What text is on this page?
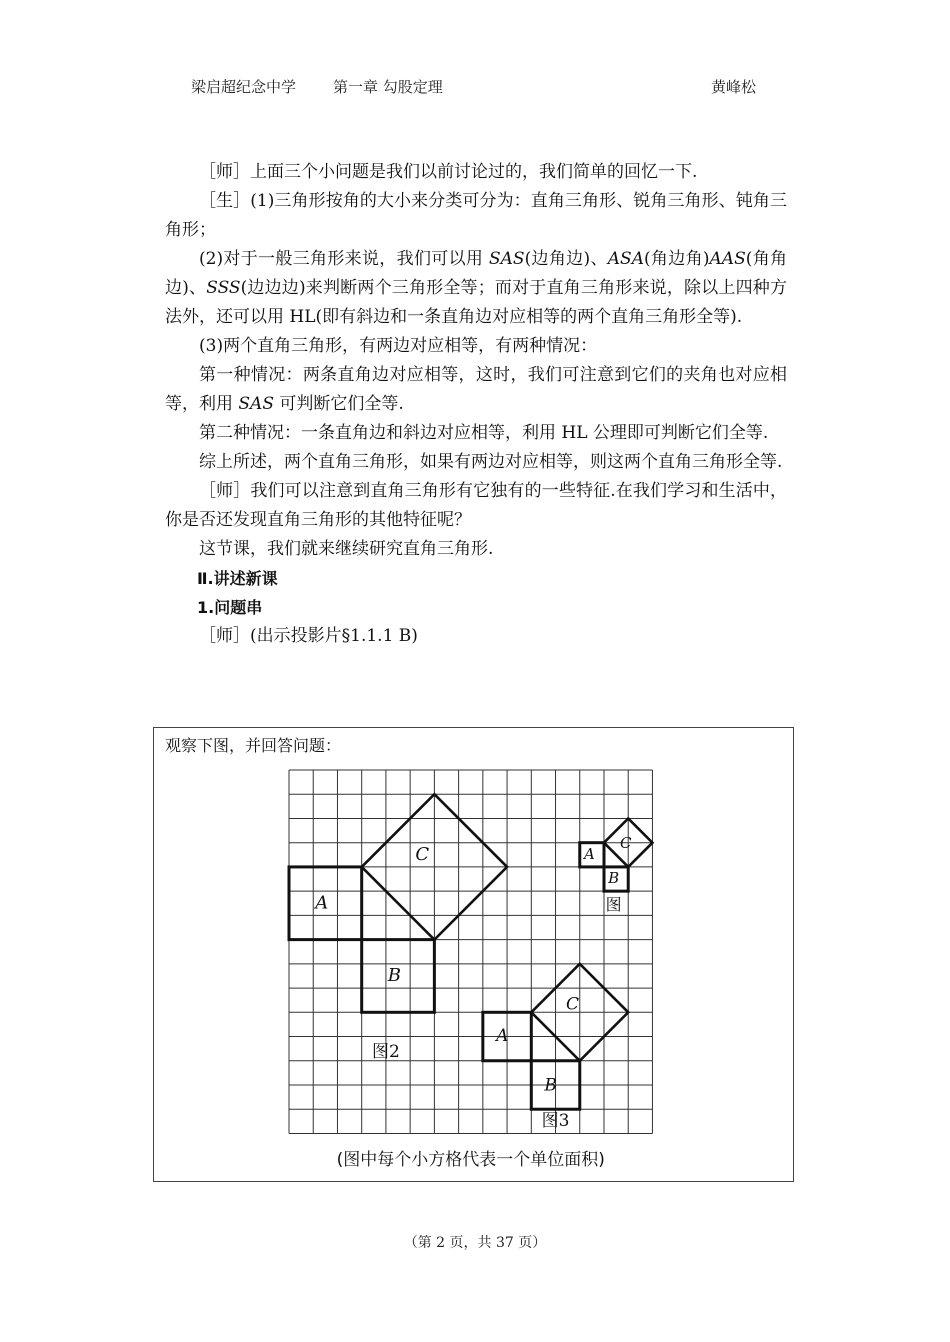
梁启超纪念中学 第一章 勾股定理	黄峰松

［师］上面三个小问题是我们以前讨论过的，我们简单的回忆一下.

［生］(1)三角形按角的大小来分类可分为：直角三角形、锐角三角形、钝角三角形；

(2)对于一般三角形来说，我们可以用 SAS(边角边)、ASA(角边角)AAS(角角边)、SSS(边边边)来判断两个三角形全等；而对于直角三角形来说，除以上四种方法外，还可以用 HL(即有斜边和一条直角边对应相等的两个直角三角形全等).

(3)两个直角三角形，有两边对应相等，有两种情况：

第一种情况：两条直角边对应相等，这时，我们可注意到它们的夹角也对应相等，利用 SAS 可判断它们全等.

第二种情况：一条直角边和斜边对应相等，利用 HL 公理即可判断它们全等.

综上所述，两个直角三角形，如果有两边对应相等，则这两个直角三角形全等.

［师］我们可以注意到直角三角形有它独有的一些特征.在我们学习和生活中，你是否还发现直角三角形的其他特征呢？

这节课，我们就来继续研究直角三角形.

Ⅱ.讲述新课

1.问题串

［师］(出示投影片§1.1.1 B)

观察下图，并回答问题：
A
B
C
图2
A
B
C
图3
A
B
C
图
(图中每个小方格代表一个单位面积)
（第 2 页，共 37 页）
